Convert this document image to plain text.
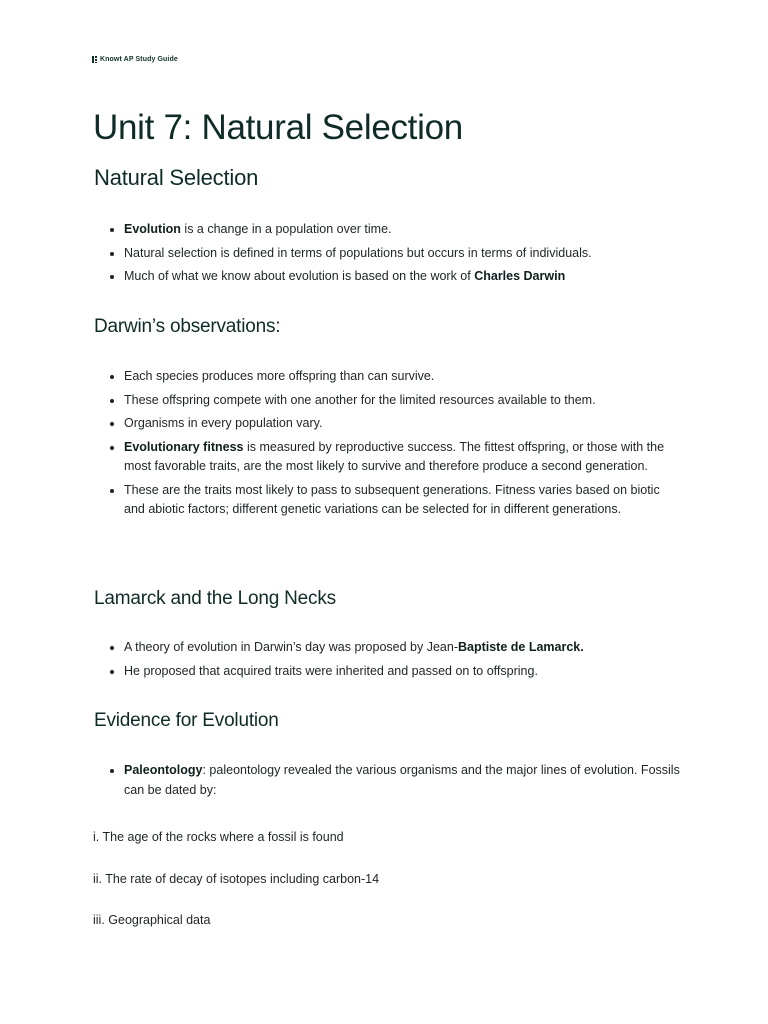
Knowt AP Study Guide
Unit 7: Natural Selection
Natural Selection
Evolution is a change in a population over time.
Natural selection is defined in terms of populations but occurs in terms of individuals.
Much of what we know about evolution is based on the work of Charles Darwin
Darwin’s observations:
Each species produces more offspring than can survive.
These offspring compete with one another for the limited resources available to them.
Organisms in every population vary.
Evolutionary fitness is measured by reproductive success. The fittest offspring, or those with the most favorable traits, are the most likely to survive and therefore produce a second generation.
These are the traits most likely to pass to subsequent generations. Fitness varies based on biotic and abiotic factors; different genetic variations can be selected for in different generations.
Lamarck and the Long Necks
A theory of evolution in Darwin’s day was proposed by Jean-Baptiste de Lamarck.
He proposed that acquired traits were inherited and passed on to offspring.
Evidence for Evolution
Paleontology: paleontology revealed the various organisms and the major lines of evolution. Fossils can be dated by:

i. The age of the rocks where a fossil is found

ii. The rate of decay of isotopes including carbon-14

iii. Geographical data
